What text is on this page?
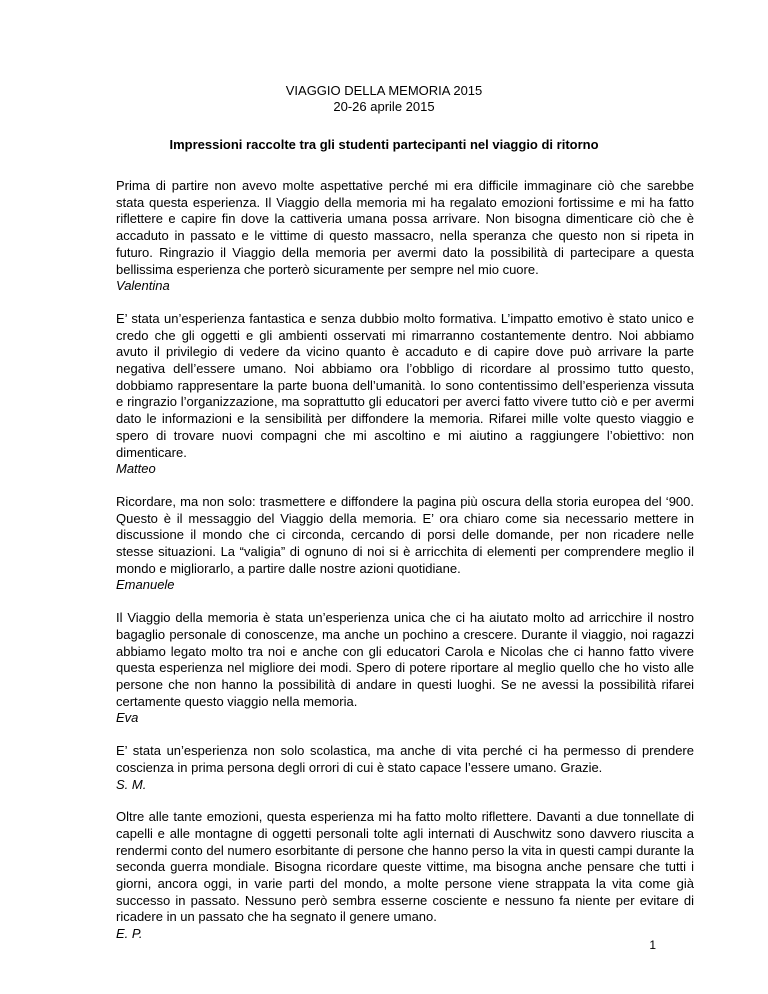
VIAGGIO DELLA MEMORIA 2015
20-26 aprile 2015
Impressioni raccolte tra gli studenti partecipanti nel viaggio di ritorno

Prima di partire non avevo molte aspettative perché mi era difficile immaginare ciò che sarebbe stata questa esperienza. Il Viaggio della memoria mi ha regalato emozioni fortissime e mi ha fatto riflettere e capire fin dove la cattiveria umana possa arrivare. Non bisogna dimenticare ciò che è accaduto in passato e le vittime di questo massacro, nella speranza che questo non si ripeta in futuro. Ringrazio il Viaggio della memoria per avermi dato la possibilità di partecipare a questa bellissima esperienza che porterò sicuramente per sempre nel mio cuore.

Valentina

E’ stata un’esperienza fantastica e senza dubbio molto formativa. L’impatto emotivo è stato unico e credo che gli oggetti e gli ambienti osservati mi rimarranno costantemente dentro. Noi abbiamo avuto il privilegio di vedere da vicino quanto è accaduto e di capire dove può arrivare la parte negativa dell’essere umano. Noi abbiamo ora l’obbligo di ricordare al prossimo tutto questo, dobbiamo rappresentare la parte buona dell’umanità. Io sono contentissimo dell’esperienza vissuta e ringrazio l’organizzazione, ma soprattutto gli educatori per averci fatto vivere tutto ciò e per avermi dato le informazioni e la sensibilità per diffondere la memoria. Rifarei mille volte questo viaggio e spero di trovare nuovi compagni che mi ascoltino e mi aiutino a raggiungere l’obiettivo: non dimenticare.

Matteo

Ricordare, ma non solo: trasmettere e diffondere la pagina più oscura della storia europea del ‘900. Questo è il messaggio del Viaggio della memoria. E’ ora chiaro come sia necessario mettere in discussione il mondo che ci circonda, cercando di porsi delle domande, per non ricadere nelle stesse situazioni. La “valigia” di ognuno di noi si è arricchita di elementi per comprendere meglio il mondo e migliorarlo, a partire dalle nostre azioni quotidiane.

Emanuele

Il Viaggio della memoria è stata un’esperienza unica che ci ha aiutato molto ad arricchire il nostro bagaglio personale di conoscenze, ma anche un pochino a crescere. Durante il viaggio, noi ragazzi abbiamo legato molto tra noi e anche con gli educatori Carola e Nicolas che ci hanno fatto vivere questa esperienza nel migliore dei modi. Spero di potere riportare al meglio quello che ho visto alle persone che non hanno la possibilità di andare in questi luoghi. Se ne avessi la possibilità rifarei certamente questo viaggio nella memoria.

Eva

E’ stata un’esperienza non solo scolastica, ma anche di vita perché ci ha permesso di prendere coscienza in prima persona degli orrori di cui è stato capace l’essere umano. Grazie.

S. M.

Oltre alle tante emozioni, questa esperienza mi ha fatto molto riflettere. Davanti a due tonnellate di capelli e alle montagne di oggetti personali tolte agli internati di Auschwitz sono davvero riuscita a rendermi conto del numero esorbitante di persone che hanno perso la vita in questi campi durante la seconda guerra mondiale. Bisogna ricordare queste vittime, ma bisogna anche pensare che tutti i giorni, ancora oggi, in varie parti del mondo, a molte persone viene strappata la vita come già successo in passato. Nessuno però sembra esserne cosciente e nessuno fa niente per evitare di ricadere in un passato che ha segnato il genere umano.

E. P.
1
